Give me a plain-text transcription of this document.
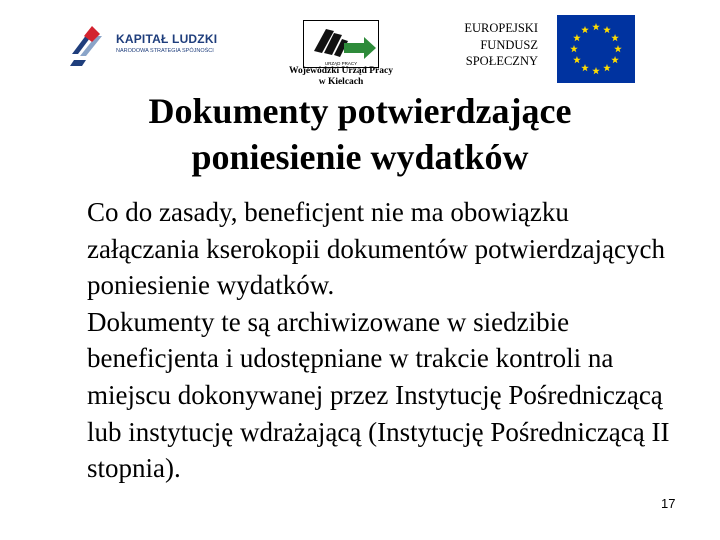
KAPITAŁ LUDZKI
NARODOWA STRATEGIA SPÓJNOŚCI
URZĄD PRACY
Wojewódzki Urząd Pracy
w Kielcach
EUROPEJSKI
FUNDUSZ
SPOŁECZNY
Dokumenty potwierdzające
poniesienie wydatków

Co do zasady, beneficjent nie ma obowiązku załączania kserokopii dokumentów potwierdzających poniesienie wydatków.

Dokumenty te są archiwizowane w siedzibie beneficjenta i udostępniane w trakcie kontroli na miejscu dokonywanej przez Instytucję Pośredniczącą lub instytucję wdrażającą (Instytucję Pośredniczącą II stopnia).

17
